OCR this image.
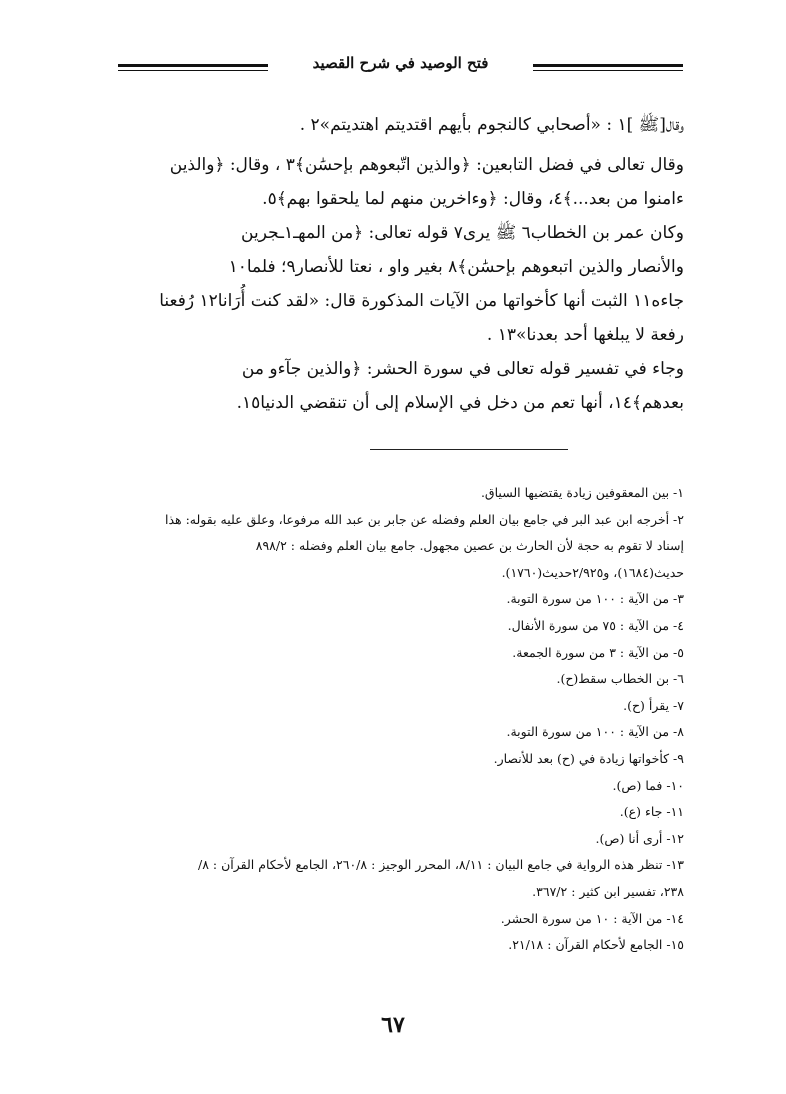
فتح الوصيد في شرح القصيد
وقال[ﷺ ]١ : «أصحابي كالنجوم بأيهم اقتديتم اهتديتم»٢ .
وقال تعالى في فضل التابعين: ﴿والذين اتّبعوهم بإحسَٰن﴾٣ ، وقال: ﴿والذين
ءامنوا من بعد...﴾٤، وقال: ﴿وءاخرين منهم لما يلحقوا بهم﴾٥.
وكان عمر بن الخطاب٦ ﷺ يرى٧ قوله تعالى: ﴿من المهـ١ـجرين
والأنصار والذين اتبعوهم بإحسَٰن﴾٨ بغير واو ، نعتا للأنصار٩؛ فلما١٠
جاءه١١ الثبت أنها كأخواتها من الآيات المذكورة قال: «لقد كنت أُرَانا١٢ رُفعنا
رفعة لا يبلغها أحد بعدنا»١٣ .
وجاء في تفسير قوله تعالى في سورة الحشر: ﴿والذين جآءو من
بعدهم﴾١٤، أنها تعم من دخل في الإسلام إلى أن تنقضي الدنيا١٥.
١- بين المعقوفين زيادة يقتضيها السياق.
٢- أخرجه ابن عبد البر في جامع بيان العلم وفضله عن جابر بن عبد الله مرفوعا، وعلق عليه بقوله: هذا
إسناد لا تقوم به حجة لأن الحارث بن عصين مجهول. جامع بيان العلم وفضله : ٨٩٨/٢
حديث(١٦٨٤)، و٢/٩٢٥حديث(١٧٦٠).
٣- من الآية : ١٠٠ من سورة التوبة.
٤- من الآية : ٧٥ من سورة الأنفال.
٥- من الآية : ٣ من سورة الجمعة.
٦- بن الخطاب سقط(ح).
٧- يقرأ (ح).
٨- من الآية : ١٠٠ من سورة التوبة.
٩- كأخواتها زيادة في (ح) بعد للأنصار.
١٠- فما (ص).
١١- جاء (ع).
١٢- أرى أنا (ص).
١٣- تنظر هذه الرواية في جامع البيان : ٨/١١، المحرر الوجيز : ٢٦٠/٨، الجامع لأحكام القرآن : ٨/
٢٣٨، تفسير ابن كثير : ٣٦٧/٢.
١٤- من الآية : ١٠ من سورة الحشر.
١٥- الجامع لأحكام القرآن : ٢١/١٨.
٦٧
